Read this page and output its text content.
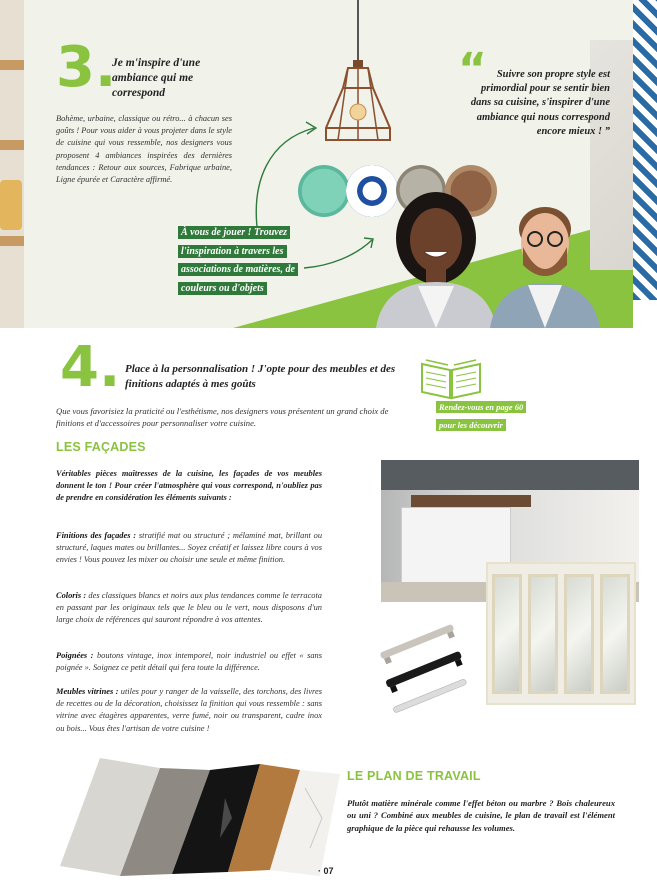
3.
Je m'inspire d'une ambiance qui me correspond
Bohème, urbaine, classique ou rétro... à chacun ses goûts ! Pour vous aider à vous projeter dans le style de cuisine qui vous ressemble, nos designers vous proposent 4 ambiances inspirées des dernières tendances : Retour aux sources, Fabrique urbaine, Ligne épurée et Caractère affirmé.
“ Suivre son propre style est primordial pour se sentir bien dans sa cuisine, s'inspirer d'une ambiance qui nous correspond encore mieux ! ”
À vous de jouer ! Trouvez l'inspiration à travers les associations de matières, de couleurs ou d'objets
4. Place à la personnalisation ! J'opte pour des meubles et des finitions adaptés à mes goûts
Rendez-vous en page 60 pour les découvrir
Que vous favorisiez la praticité ou l'esthétisme, nos designers vous présentent un grand choix de finitions et d'accessoires pour personnaliser votre cuisine.
LES FAÇADES
Véritables pièces maîtresses de la cuisine, les façades de vos meubles donnent le ton ! Pour créer l'atmosphère qui vous correspond, n'oubliez pas de prendre en considération les éléments suivants :
Finitions des façades : stratifié mat ou structuré ; mélaminé mat, brillant ou structuré, laques mates ou brillantes... Soyez créatif et laissez libre cours à vos envies ! Vous pouvez les mixer ou choisir une seule et même finition.
Coloris : des classiques blancs et noirs aux plus tendances comme le terracota en passant par les originaux tels que le bleu ou le vert, nous disposons d'un large choix de références qui sauront répondre à vos attentes.
Poignées : boutons vintage, inox intemporel, noir industriel ou effet « sans poignée ». Soignez ce petit détail qui fera toute la différence.
Meubles vitrines : utiles pour y ranger de la vaisselle, des torchons, des livres de recettes ou de la décoration, choisissez la finition qui vous ressemble : sans vitrine avec étagères apparentes, verre fumé, noir ou transparent, cadre inox ou bois... Vous êtes l'artisan de votre cuisine !
LE PLAN DE TRAVAIL
Plutôt matière minérale comme l'effet béton ou marbre ? Bois chaleureux ou uni ? Combiné aux meubles de cuisine, le plan de travail est l'élément graphique de la pièce qui rehausse les volumes.
· 07
